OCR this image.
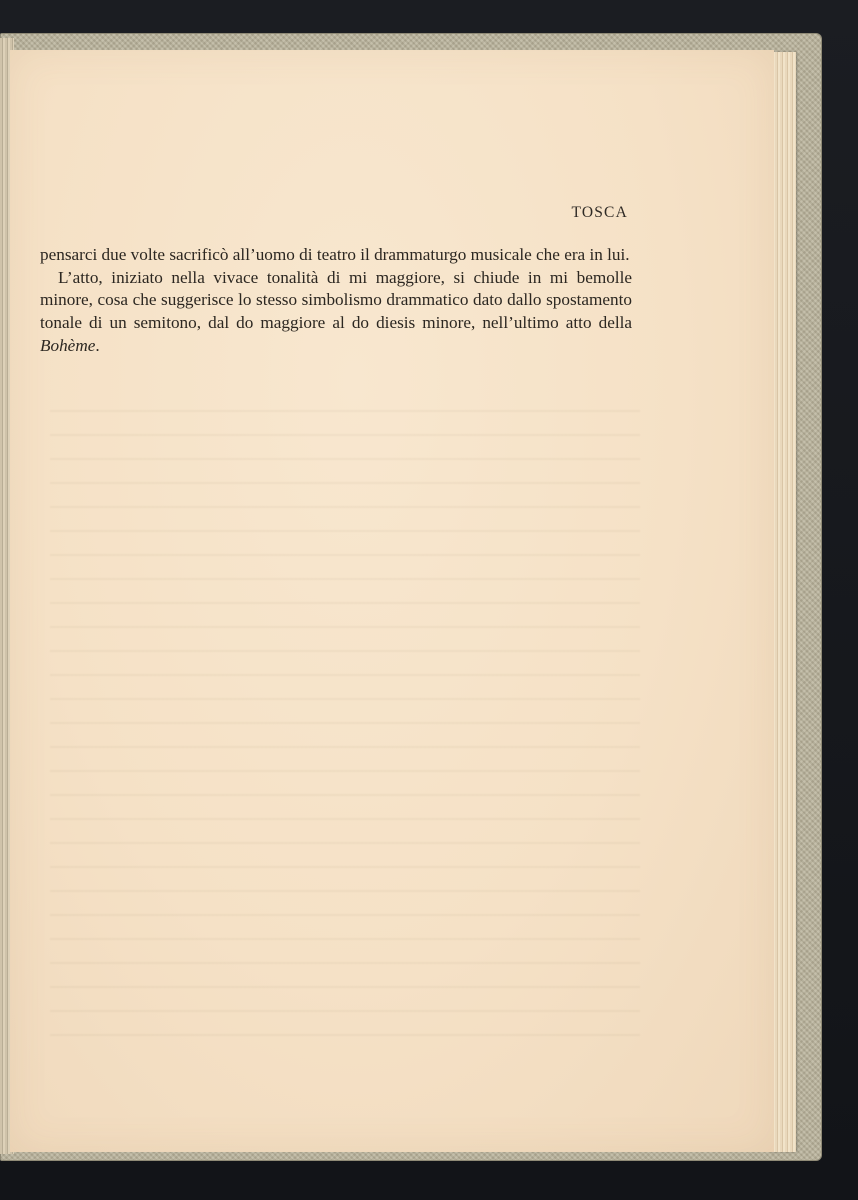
TOSCA

pensarci due volte sacrificò all’uomo di teatro il drammaturgo musicale che era in lui.

L’atto, iniziato nella vivace tonalità di mi maggiore, si chiude in mi bemolle minore, cosa che suggerisce lo stesso simbolismo drammatico dato dallo spostamento tonale di un semitono, dal do maggiore al do diesis minore, nell’ultimo atto della Bohème.
